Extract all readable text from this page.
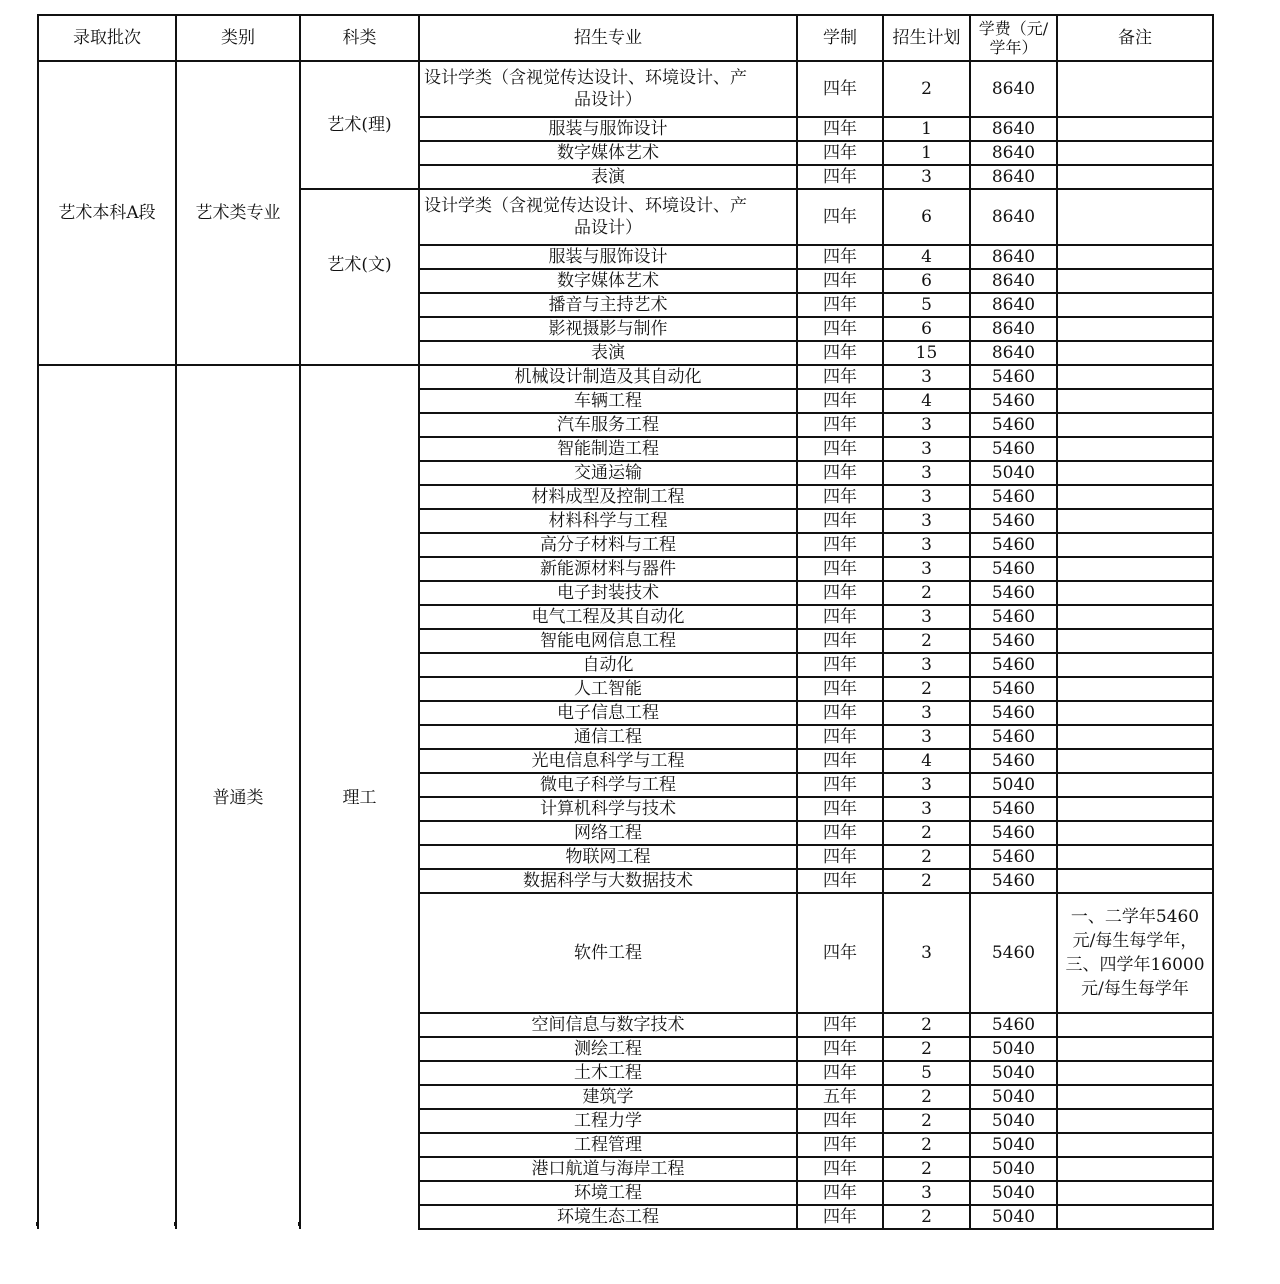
录取批次	类别	科类	招生专业	学制	招生计划	学费（元/学年）	备注
艺术本科A段	艺术类专业	艺术(理)	设计学类（含视觉传达设计、环境设计、产
品设计）	四年	2	8640	
			服装与服饰设计	四年	1	8640	
			数字媒体艺术	四年	1	8640	
			表演	四年	3	8640	
		艺术(文)	设计学类（含视觉传达设计、环境设计、产
品设计）	四年	6	8640	
			服装与服饰设计	四年	4	8640	
			数字媒体艺术	四年	6	8640	
			播音与主持艺术	四年	5	8640	
			影视摄影与制作	四年	6	8640	
			表演	四年	15	8640	
	普通类	理工	机械设计制造及其自动化	四年	3	5460	
			车辆工程	四年	4	5460	
			汽车服务工程	四年	3	5460	
			智能制造工程	四年	3	5460	
			交通运输	四年	3	5040	
			材料成型及控制工程	四年	3	5460	
			材料科学与工程	四年	3	5460	
			高分子材料与工程	四年	3	5460	
			新能源材料与器件	四年	3	5460	
			电子封装技术	四年	2	5460	
			电气工程及其自动化	四年	3	5460	
			智能电网信息工程	四年	2	5460	
			自动化	四年	3	5460	
			人工智能	四年	2	5460	
			电子信息工程	四年	3	5460	
			通信工程	四年	3	5460	
			光电信息科学与工程	四年	4	5460	
			微电子科学与工程	四年	3	5040	
			计算机科学与技术	四年	3	5460	
			网络工程	四年	2	5460	
			物联网工程	四年	2	5460	
			数据科学与大数据技术	四年	2	5460	
			软件工程	四年	3	5460	一、二学年5460
元/每生每学年，
三、四学年16000
元/每生每学年

			空间信息与数字技术	四年	2	5460	
			测绘工程	四年	2	5040	
			土木工程	四年	5	5040	
			建筑学	五年	2	5040	
			工程力学	四年	2	5040	
			工程管理	四年	2	5040	
			港口航道与海岸工程	四年	2	5040	
			环境工程	四年	3	5040	
			环境生态工程	四年	2	5040	
